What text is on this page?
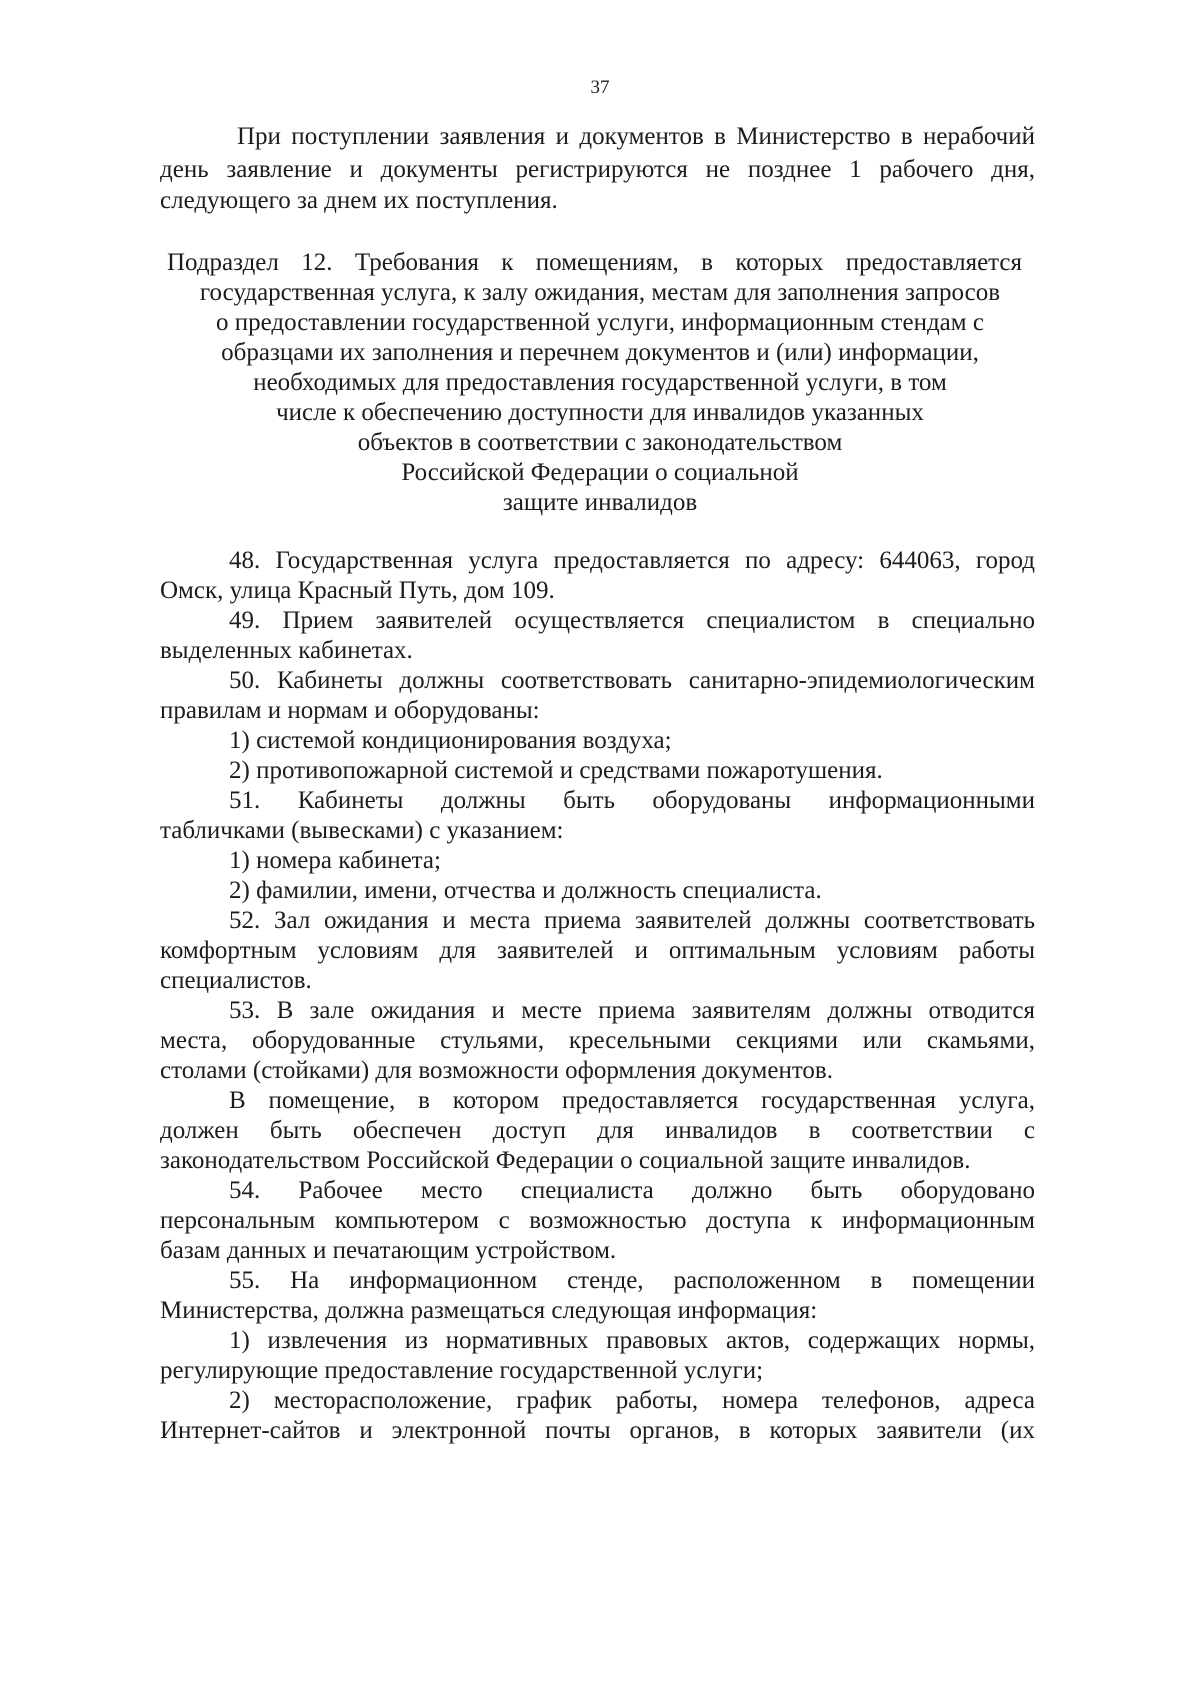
37

При поступлении заявления и документов в Министерство в нерабочий

день заявление и документы регистрируются не позднее 1 рабочего дня,

следующего за днем их поступления.

Подраздел 12. Требования к помещениям, в которых предоставляется

государственная услуга, к залу ожидания, местам для заполнения запросов

о предоставлении государственной услуги, информационным стендам с

образцами их заполнения и перечнем документов и (или) информации,

необходимых для предоставления государственной услуги, в том

числе к обеспечению доступности для инвалидов указанных

объектов в соответствии с законодательством

Российской Федерации о социальной

защите инвалидов

48. Государственная услуга предоставляется по адресу: 644063, город

Омск, улица Красный Путь, дом 109.

49. Прием заявителей осуществляется специалистом в специально

выделенных кабинетах.

50. Кабинеты должны соответствовать санитарно-эпидемиологическим

правилам и нормам и оборудованы:

1) системой кондиционирования воздуха;

2) противопожарной системой и средствами пожаротушения.

51. Кабинеты должны быть оборудованы информационными

табличками (вывесками) с указанием:

1) номера кабинета;

2) фамилии, имени, отчества и должность специалиста.

52. Зал ожидания и места приема заявителей должны соответствовать

комфортным условиям для заявителей и оптимальным условиям работы

специалистов.

53. В зале ожидания и месте приема заявителям должны отводится

места, оборудованные стульями, кресельными секциями или скамьями,

столами (стойками) для возможности оформления документов.

В помещение, в котором предоставляется государственная услуга,

должен быть обеспечен доступ для инвалидов в соответствии с

законодательством Российской Федерации о социальной защите инвалидов.

54. Рабочее место специалиста должно быть оборудовано

персональным компьютером с возможностью доступа к информационным

базам данных и печатающим устройством.

55. На информационном стенде, расположенном в помещении

Министерства, должна размещаться следующая информация:

1) извлечения из нормативных правовых актов, содержащих нормы,

регулирующие предоставление государственной услуги;

2) месторасположение, график работы, номера телефонов, адреса

Интернет-сайтов и электронной почты органов, в которых заявители (их
